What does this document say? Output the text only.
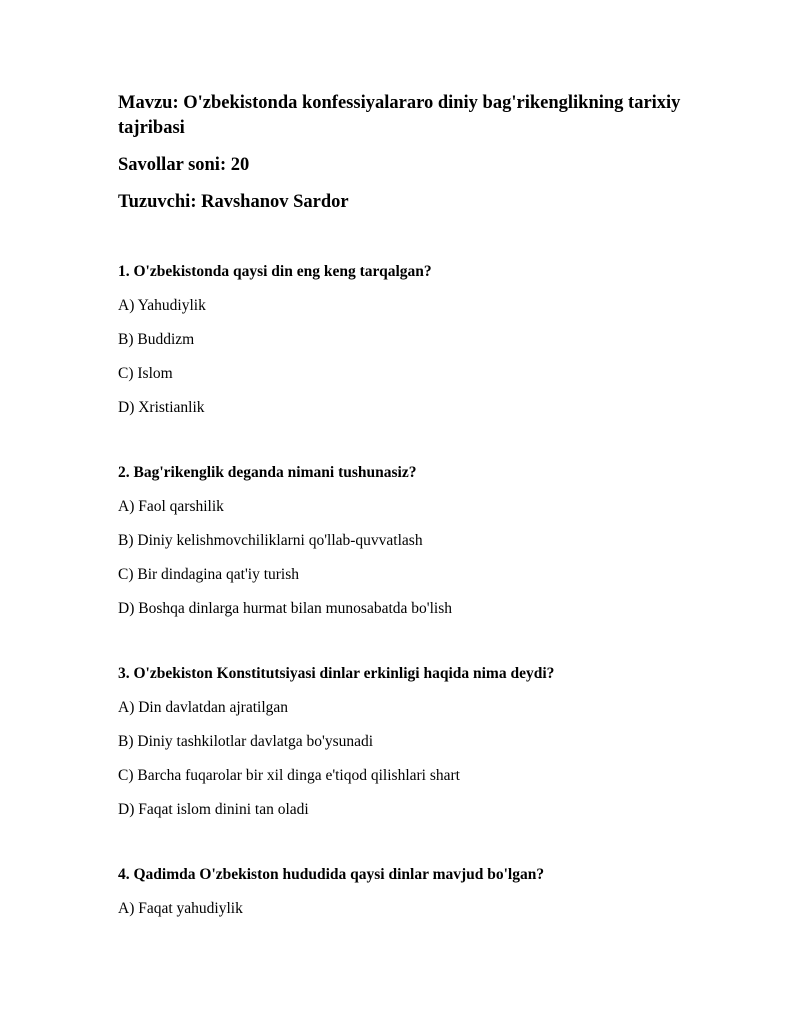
Mavzu: O'zbekistonda konfessiyalararo diniy bag'rikenglikning tarixiy tajribasi

Savollar soni: 20

Tuzuvchi: Ravshanov Sardor

1. O'zbekistonda qaysi din eng keng tarqalgan?

A) Yahudiylik

B) Buddizm

C) Islom

D) Xristianlik

2. Bag'rikenglik deganda nimani tushunasiz?

A) Faol qarshilik

B) Diniy kelishmovchiliklarni qo'llab-quvvatlash

C) Bir dindagina qat'iy turish

D) Boshqa dinlarga hurmat bilan munosabatda bo'lish

3. O'zbekiston Konstitutsiyasi dinlar erkinligi haqida nima deydi?

A) Din davlatdan ajratilgan

B) Diniy tashkilotlar davlatga bo'ysunadi

C) Barcha fuqarolar bir xil dinga e'tiqod qilishlari shart

D) Faqat islom dinini tan oladi

4. Qadimda O'zbekiston hududida qaysi dinlar mavjud bo'lgan?

A) Faqat yahudiylik
